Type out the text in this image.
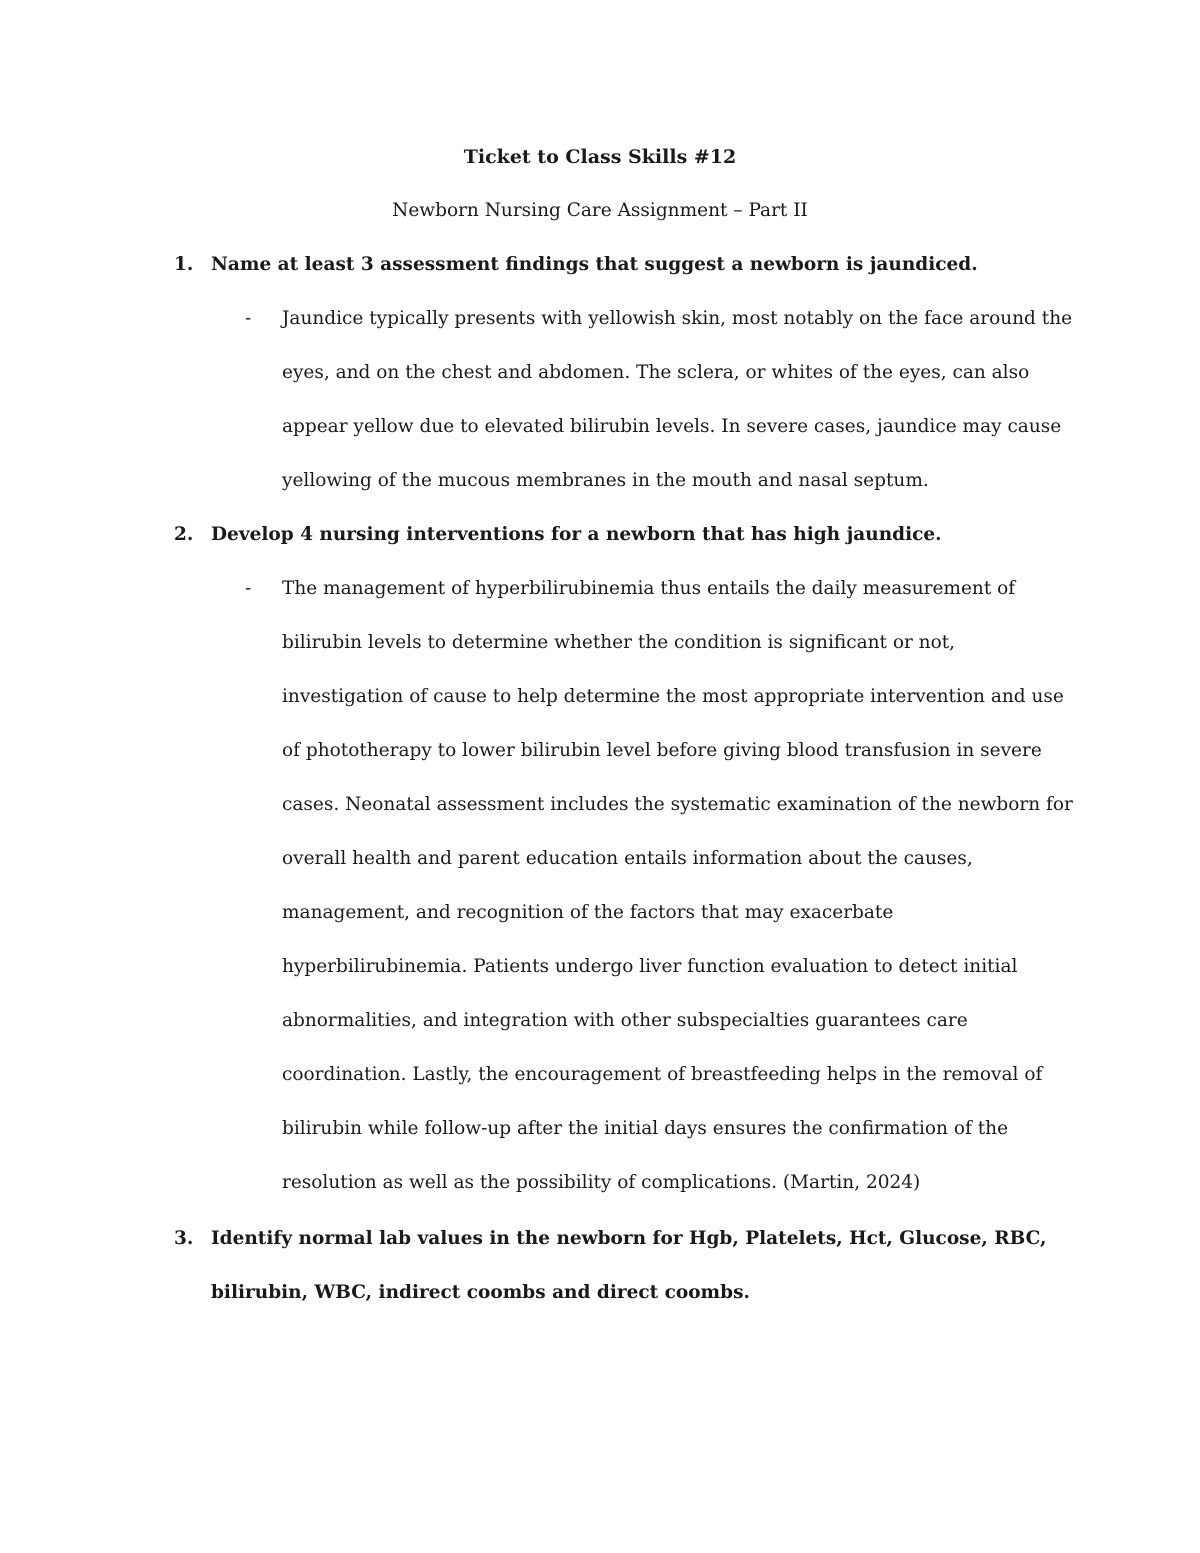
Ticket to Class Skills #12
Newborn Nursing Care Assignment – Part II
1. Name at least 3 assessment findings that suggest a newborn is jaundiced.
-	Jaundice typically presents with yellowish skin, most notably on the face around the eyes, and on the chest and abdomen. The sclera, or whites of the eyes, can also appear yellow due to elevated bilirubin levels. In severe cases, jaundice may cause yellowing of the mucous membranes in the mouth and nasal septum.
2. Develop 4 nursing interventions for a newborn that has high jaundice.
-	The management of hyperbilirubinemia thus entails the daily measurement of bilirubin levels to determine whether the condition is significant or not, investigation of cause to help determine the most appropriate intervention and use of phototherapy to lower bilirubin level before giving blood transfusion in severe cases. Neonatal assessment includes the systematic examination of the newborn for overall health and parent education entails information about the causes, management, and recognition of the factors that may exacerbate hyperbilirubinemia. Patients undergo liver function evaluation to detect initial abnormalities, and integration with other subspecialties guarantees care coordination. Lastly, the encouragement of breastfeeding helps in the removal of bilirubin while follow-up after the initial days ensures the confirmation of the resolution as well as the possibility of complications. (Martin, 2024)
3. Identify normal lab values in the newborn for Hgb, Platelets, Hct, Glucose, RBC, bilirubin, WBC, indirect coombs and direct coombs.
